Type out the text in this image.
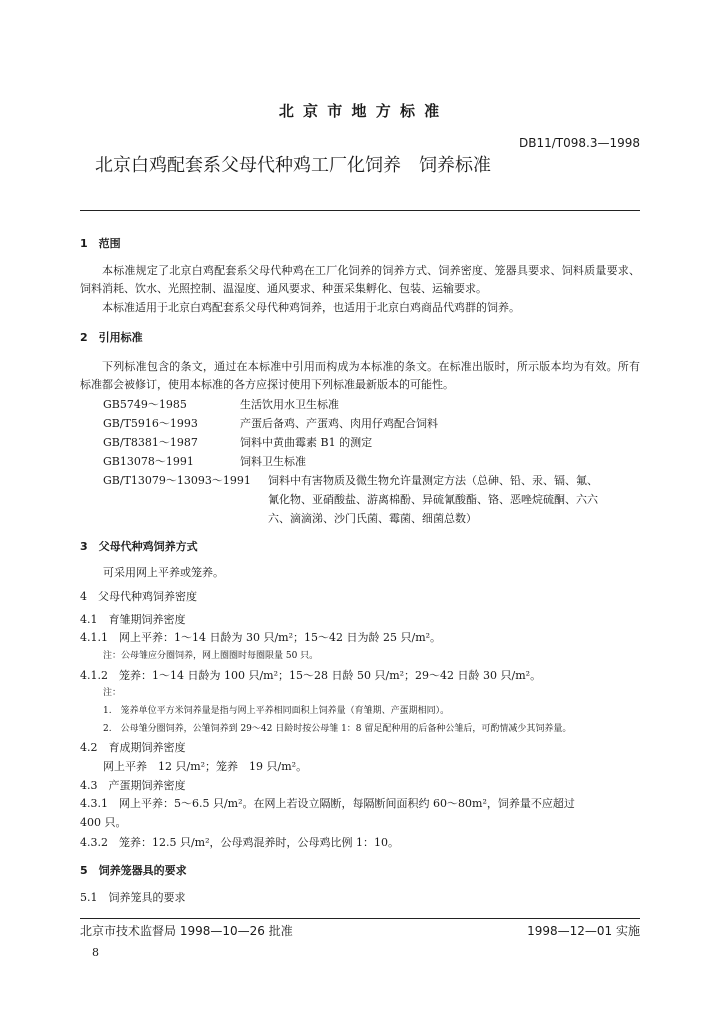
北 京 市 地 方 标 准
DB11/T098.3—1998
北京白鸡配套系父母代种鸡工厂化饲养　饲养标准
1　范围
本标准规定了北京白鸡配套系父母代种鸡在工厂化饲养的饲养方式、饲养密度、笼器具要求、饲料质量要求、饲料消耗、饮水、光照控制、温湿度、通风要求、种蛋采集孵化、包装、运输要求。
本标准适用于北京白鸡配套系父母代种鸡饲养，也适用于北京白鸡商品代鸡群的饲养。
2　引用标准
下列标准包含的条文，通过在本标准中引用而构成为本标准的条文。在标准出版时，所示版本均为有效。所有标准都会被修订，使用本标准的各方应探讨使用下列标准最新版本的可能性。
GB5749～1985	生活饮用水卫生标准
GB/T5916～1993	产蛋后备鸡、产蛋鸡、肉用仔鸡配合饲料
GB/T8381～1987	饲料中黄曲霉素 B1 的测定
GB13078～1991	饲料卫生标准
GB/T13079～13093～1991 饲料中有害物质及微生物允许量测定方法（总砷、铅、汞、镉、氟、
氰化物、亚硝酸盐、游离棉酚、异硫氰酸酯、铬、恶唑烷硫酮、六六
六、滴滴涕、沙门氏菌、霉菌、细菌总数）
3　父母代种鸡饲养方式
可采用网上平养或笼养。
4　父母代种鸡饲养密度
4.1　育雏期饲养密度
4.1.1　网上平养：1～14 日龄为 30 只/m²；15～42 日为龄 25 只/m²。
注：公母雏应分圈饲养，网上圈圈时每圈限量 50 只。
4.1.2　笼养：1～14 日龄为 100 只/m²；15～28 日龄 50 只/m²；29～42 日龄 30 只/m²。
注：
1.　笼养单位平方米饲养量是指与网上平养相同面积上饲养量（育雏期、产蛋期相同）。
2.　公母雏分圈饲养，公雏饲养到 29～42 日龄时按公母雏 1：8 留足配种用的后备种公雏后，可酌情减少其饲养量。
4.2　育成期饲养密度
网上平养　12 只/m²；笼养　19 只/m²。
4.3　产蛋期饲养密度
4.3.1　网上平养：5～6.5 只/m²。在网上若设立隔断，每隔断间面积约 60～80m²，饲养量不应超过
400 只。
4.3.2　笼养：12.5 只/m²，公母鸡混养时，公母鸡比例 1：10。
5　饲养笼器具的要求
5.1　饲养笼具的要求
北京市技术监督局 1998—10—26 批准	1998—12—01 实施
8
